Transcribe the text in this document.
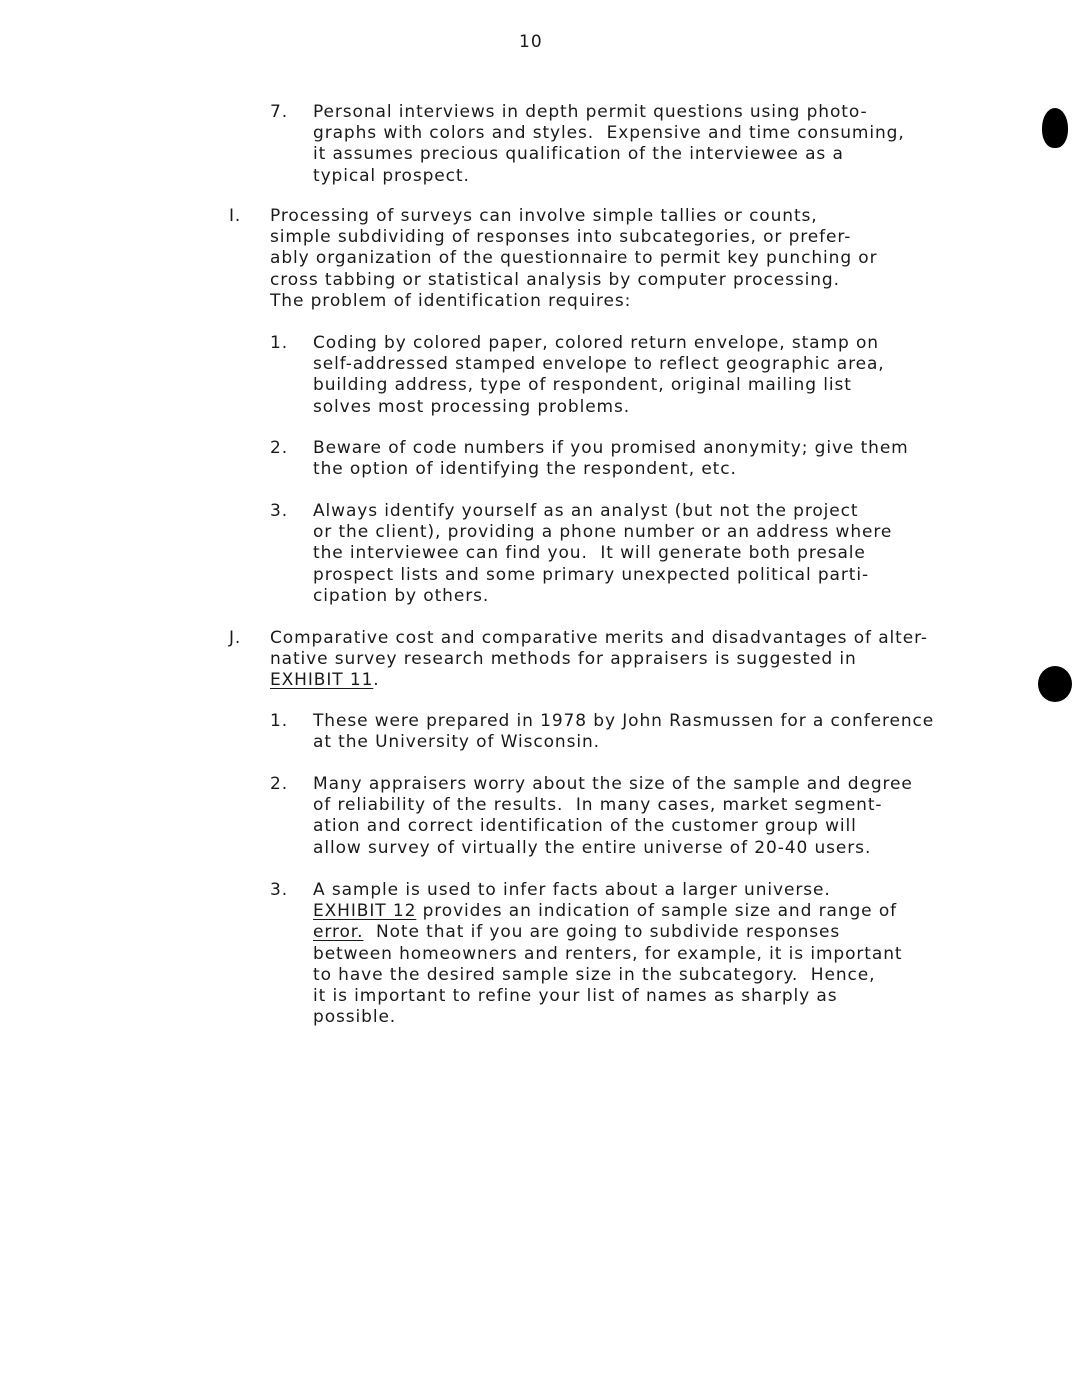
10
7. Personal interviews in depth permit questions using photo-
graphs with colors and styles.  Expensive and time consuming,
it assumes precious qualification of the interviewee as a
typical prospect.
I. Processing of surveys can involve simple tallies or counts,
simple subdividing of responses into subcategories, or prefer-
ably organization of the questionnaire to permit key punching or
cross tabbing or statistical analysis by computer processing.
The problem of identification requires:
1. Coding by colored paper, colored return envelope, stamp on
self-addressed stamped envelope to reflect geographic area,
building address, type of respondent, original mailing list
solves most processing problems.
2. Beware of code numbers if you promised anonymity; give them
the option of identifying the respondent, etc.
3. Always identify yourself as an analyst (but not the project
or the client), providing a phone number or an address where
the interviewee can find you.  It will generate both presale
prospect lists and some primary unexpected political parti-
cipation by others.
J. Comparative cost and comparative merits and disadvantages of alter-
native survey research methods for appraisers is suggested in
EXHIBIT 11.
1. These were prepared in 1978 by John Rasmussen for a conference
at the University of Wisconsin.
2. Many appraisers worry about the size of the sample and degree
of reliability of the results.  In many cases, market segment-
ation and correct identification of the customer group will
allow survey of virtually the entire universe of 20-40 users.
3. A sample is used to infer facts about a larger universe.
EXHIBIT 12 provides an indication of sample size and range of
error.  Note that if you are going to subdivide responses
between homeowners and renters, for example, it is important
to have the desired sample size in the subcategory.  Hence,
it is important to refine your list of names as sharply as
possible.
